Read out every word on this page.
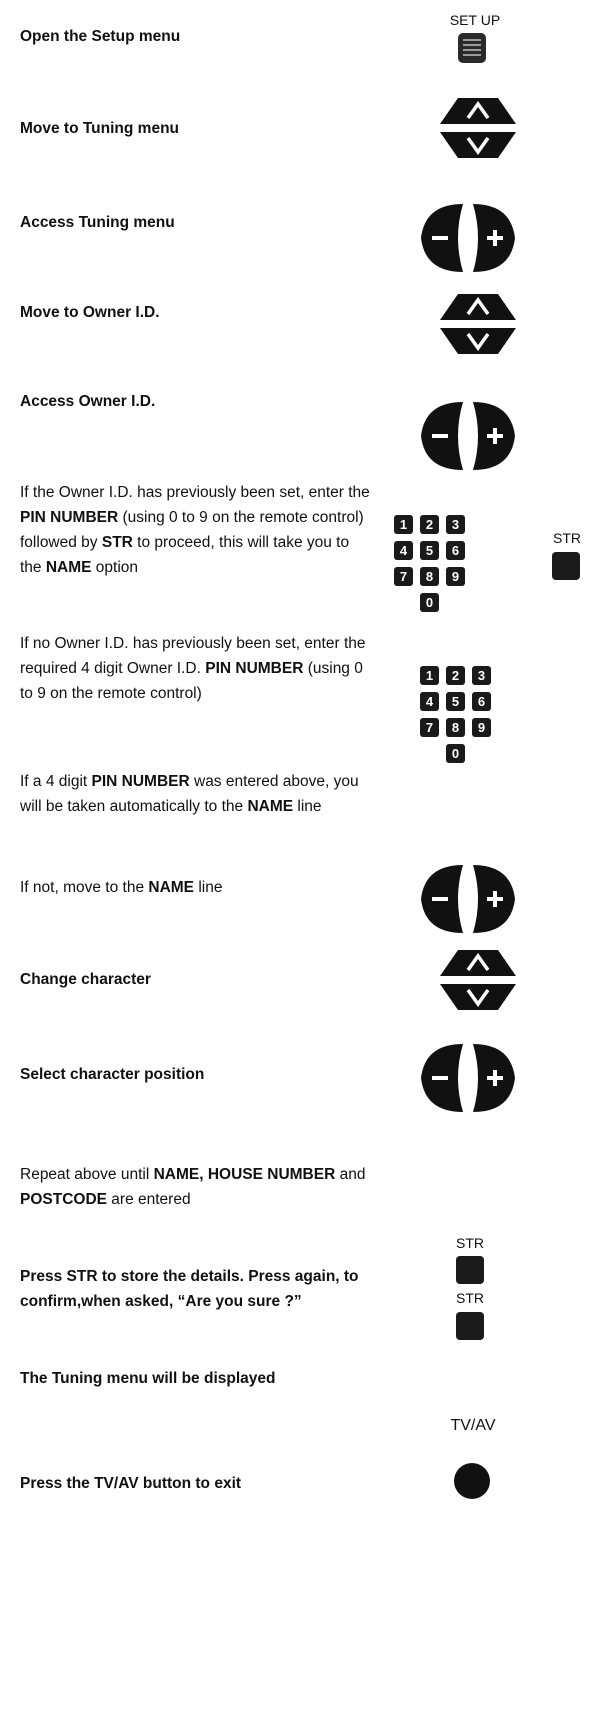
Open the Setup menu
SET UP
Move to Tuning menu
Access Tuning menu
Move to Owner I.D.
Access Owner I.D.
If the Owner I.D. has previously been set, enter the PIN NUMBER (using 0 to 9 on the remote control) followed by STR to proceed, this will take you to the NAME option
1	2	3
4	5	6
7	8	9
0
STR
If no Owner I.D. has previously been set, enter the required 4 digit Owner I.D. PIN NUMBER (using 0 to 9 on the remote control)
1	2	3
4	5	6
7	8	9
0
If a 4 digit PIN NUMBER was entered above, you will be taken automatically to the NAME line
If not, move to the NAME line
Change character
Select character position
Repeat above until NAME, HOUSE NUMBER and POSTCODE are entered
STR
Press STR to store the details. Press again, to confirm,when asked, “Are you sure ?”	STR
The Tuning menu will be displayed
Press the TV/AV button to exit
TV/AV
